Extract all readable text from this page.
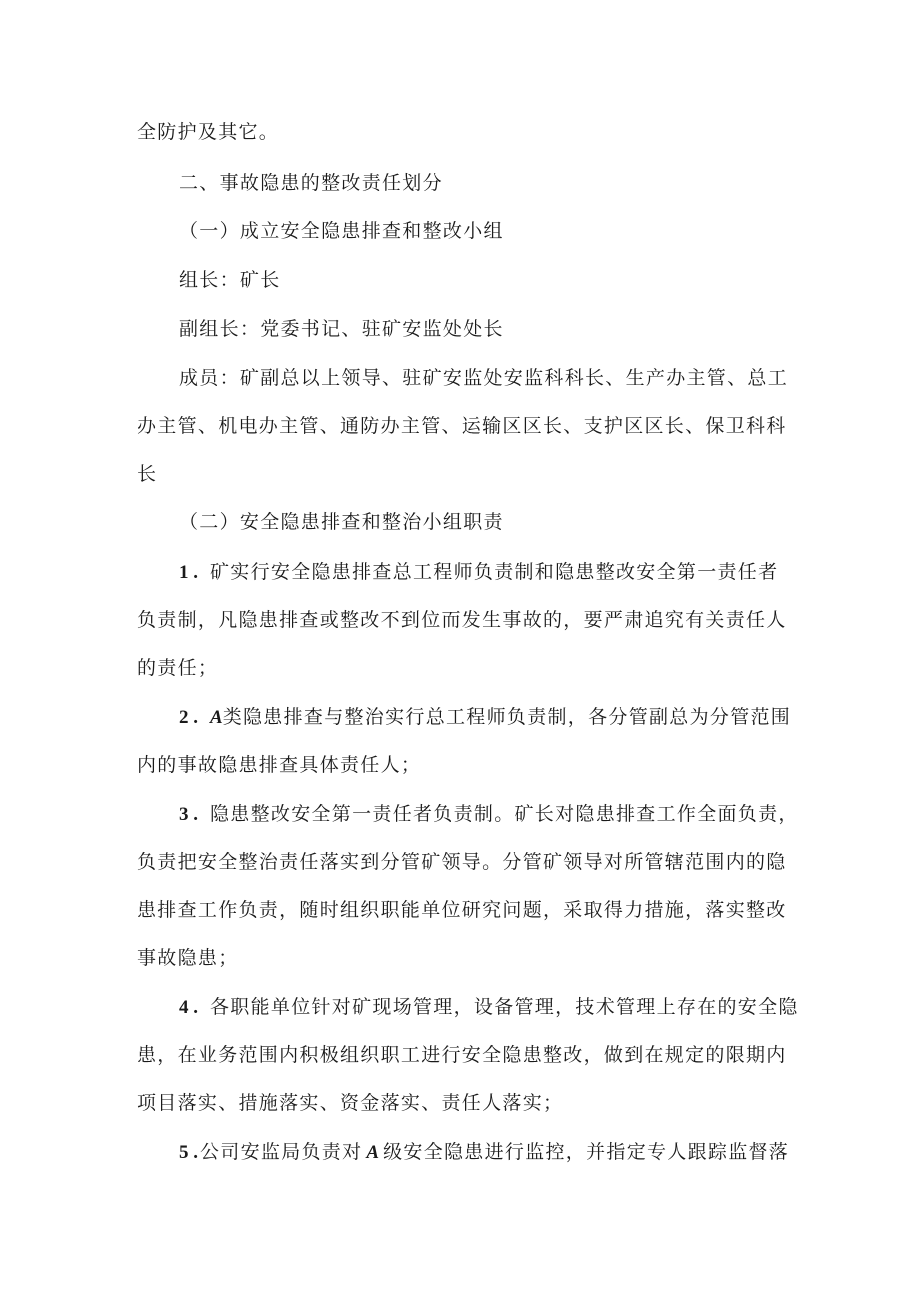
全防护及其它。
二、事故隐患的整改责任划分
（一）成立安全隐患排查和整改小组
组长：矿长
副组长：党委书记、驻矿安监处处长
成员：矿副总以上领导、驻矿安监处安监科科长、生产办主管、总工
办主管、机电办主管、通防办主管、运输区区长、支护区区长、保卫科科
长
（二）安全隐患排查和整治小组职责
1 . 矿实行安全隐患排查总工程师负责制和隐患整改安全第一责任者
负责制，凡隐患排查或整改不到位而发生事故的，要严肃追究有关责任人
的责任；
2 . A类隐患排查与整治实行总工程师负责制，各分管副总为分管范围
内的事故隐患排查具体责任人；
3 . 隐患整改安全第一责任者负责制。矿长对隐患排查工作全面负责，
负责把安全整治责任落实到分管矿领导。分管矿领导对所管辖范围内的隐
患排查工作负责，随时组织职能单位研究问题，采取得力措施，落实整改
事故隐患；
4 . 各职能单位针对矿现场管理，设备管理，技术管理上存在的安全隐
患，在业务范围内积极组织职工进行安全隐患整改，做到在规定的限期内
项目落实、措施落实、资金落实、责任人落实；
5 . 公司安监局负责对 A 级安全隐患进行监控，并指定专人跟踪监督落
